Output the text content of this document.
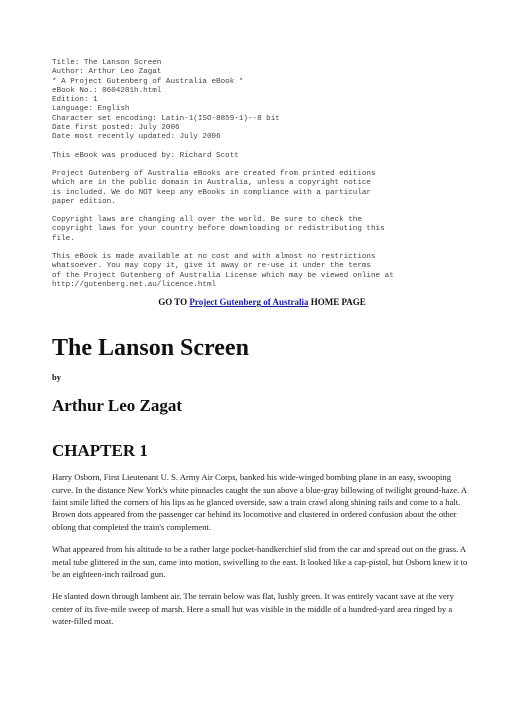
Title: The Lanson Screen
Author: Arthur Leo Zagat
* A Project Gutenberg of Australia eBook *
eBook No.: 0604281h.html
Edition: 1
Language: English
Character set encoding: Latin-1(ISO-8859-1)--8 bit
Date first posted: July 2006
Date most recently updated: July 2006
This eBook was produced by: Richard Scott
Project Gutenberg of Australia eBooks are created from printed editions
which are in the public domain in Australia, unless a copyright notice
is included. We do NOT keep any eBooks in compliance with a particular
paper edition.
Copyright laws are changing all over the world. Be sure to check the
copyright laws for your country before downloading or redistributing this
file.
This eBook is made available at no cost and with almost no restrictions
whatsoever. You may copy it, give it away or re-use it under the terms
of the Project Gutenberg of Australia License which may be viewed online at
http://gutenberg.net.au/licence.html
GO TO Project Gutenberg of Australia HOME PAGE
The Lanson Screen
by
Arthur Leo Zagat
CHAPTER 1

Harry Osborn, First Lieutenant U. S. Army Air Corps, banked his wide-winged bombing plane in an easy, swooping curve. In the distance New York's white pinnacles caught the sun above a blue-gray billowing of twilight ground-haze. A faint smile lifted the corners of his lips as he glanced overside, saw a train crawl along shining rails and come to a halt. Brown dots appeared from the passenger car behind its locomotive and clustered in ordered confusion about the other oblong that completed the train's complement.

What appeared from his altitude to be a rather large pocket-handkerchief slid from the car and spread out on the grass. A metal tube glittered in the sun, came into motion, swivelling to the east. It looked like a cap-pistol, but Osborn knew it to be an eighteen-inch railroad gun.

He slanted down through lambent air. The terrain below was flat, lushly green. It was entirely vacant save at the very center of its five-mile sweep of marsh. Here a small hut was visible in the middle of a hundred-yard area ringed by a water-filled moat.
